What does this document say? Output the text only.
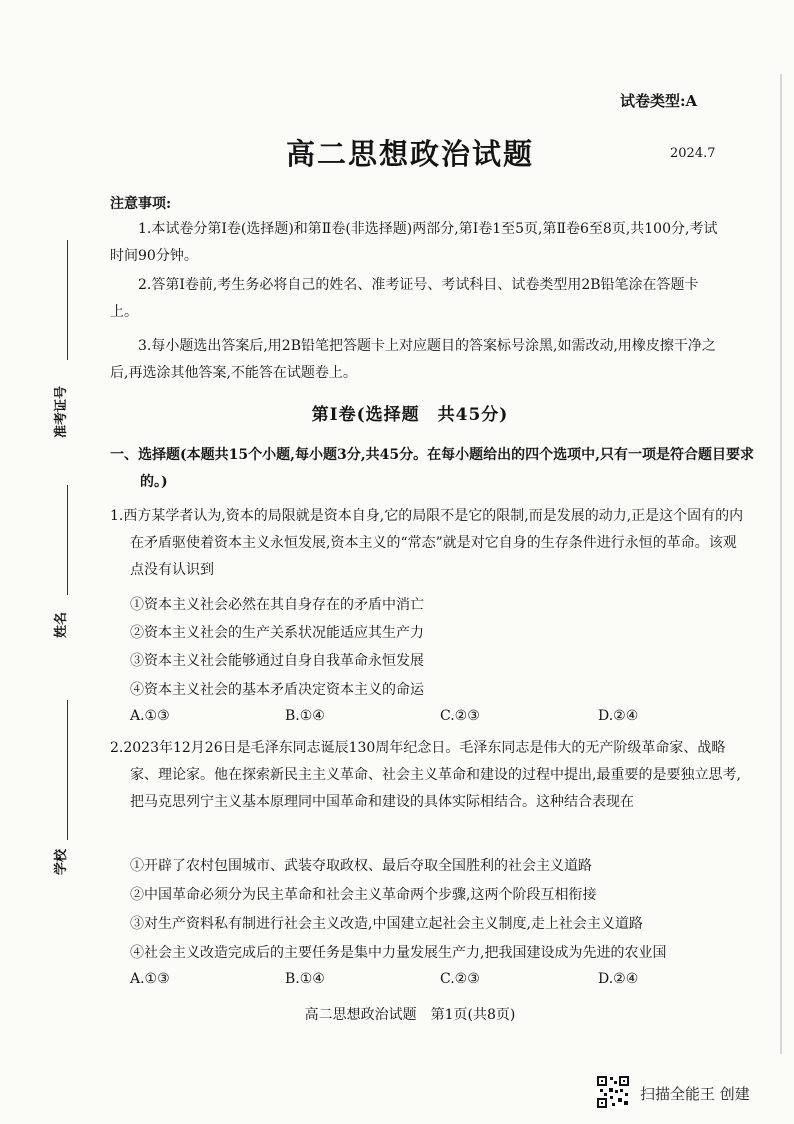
准考证号
姓名
学校
试卷类型:A
高二思想政治试题	2024.7
注意事项:
1.本试卷分第Ⅰ卷(选择题)和第Ⅱ卷(非选择题)两部分,第Ⅰ卷1至5页,第Ⅱ卷6至8页,共100分,考试时间90分钟。
2.答第Ⅰ卷前,考生务必将自己的姓名、准考证号、考试科目、试卷类型用2B铅笔涂在答题卡上。
3.每小题选出答案后,用2B铅笔把答题卡上对应题目的答案标号涂黑,如需改动,用橡皮擦干净之后,再选涂其他答案,不能答在试题卷上。
第Ⅰ卷(选择题　共45分)
一、选择题(本题共15个小题,每小题3分,共45分。在每小题给出的四个选项中,只有一项是符合题目要求的。)
1.西方某学者认为,资本的局限就是资本自身,它的局限不是它的限制,而是发展的动力,正是这个固有的内在矛盾驱使着资本主义永恒发展,资本主义的“常态”就是对它自身的生存条件进行永恒的革命。该观点没有认识到
①资本主义社会必然在其自身存在的矛盾中消亡
②资本主义社会的生产关系状况能适应其生产力
③资本主义社会能够通过自身自我革命永恒发展
④资本主义社会的基本矛盾决定资本主义的命运
A.①③	B.①④	C.②③	D.②④
2.2023年12月26日是毛泽东同志诞辰130周年纪念日。毛泽东同志是伟大的无产阶级革命家、战略家、理论家。他在探索新民主主义革命、社会主义革命和建设的过程中提出,最重要的是要独立思考,把马克思列宁主义基本原理同中国革命和建设的具体实际相结合。这种结合表现在
①开辟了农村包围城市、武装夺取政权、最后夺取全国胜利的社会主义道路
②中国革命必须分为民主革命和社会主义革命两个步骤,这两个阶段互相衔接
③对生产资料私有制进行社会主义改造,中国建立起社会主义制度,走上社会主义道路
④社会主义改造完成后的主要任务是集中力量发展生产力,把我国建设成为先进的农业国
A.①③	B.①④	C.②③	D.②④
高二思想政治试题　第1页(共8页)
扫描全能王 创建
